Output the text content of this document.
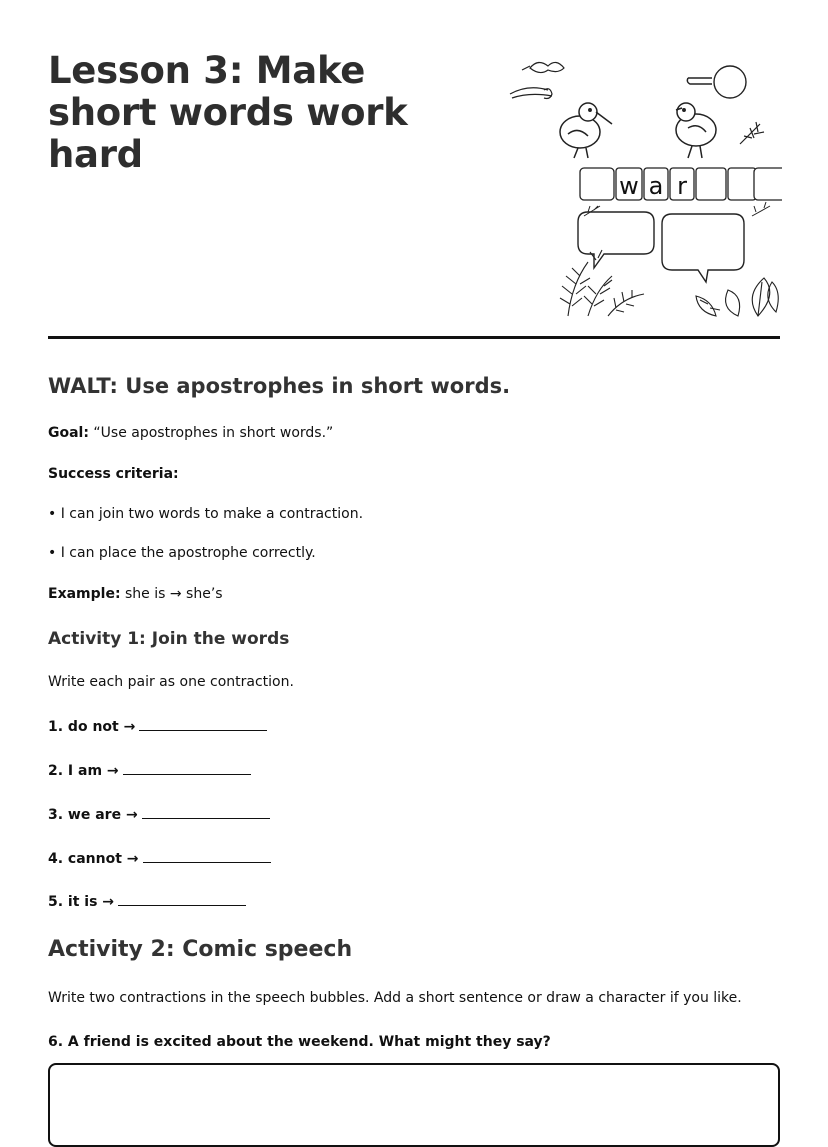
Lesson 3: Make short words work hard
w a r
WALT: Use apostrophes in short words.

Goal: “Use apostrophes in short words.”

Success criteria:

• I can join two words to make a contraction.

• I can place the apostrophe correctly.

Example: she is → she’s

Activity 1: Join the words

Write each pair as one contraction.

1. do not →

2. I am →

3. we are →

4. cannot →

5. it is →

Activity 2: Comic speech

Write two contractions in the speech bubbles. Add a short sentence or draw a character if you like.

6. A friend is excited about the weekend. What might they say?
